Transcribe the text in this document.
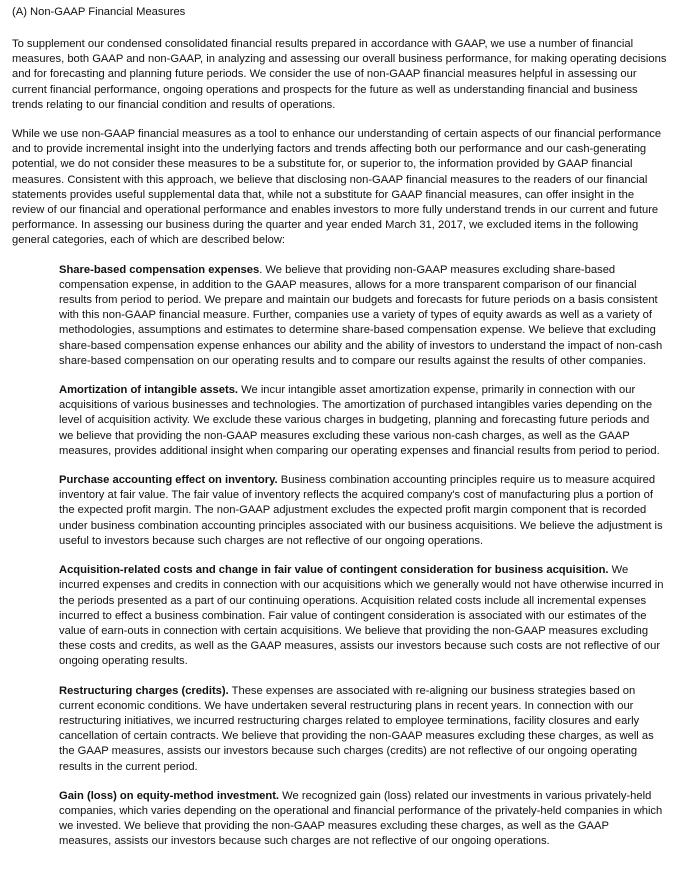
(A) Non-GAAP Financial Measures

To supplement our condensed consolidated financial results prepared in accordance with GAAP, we use a number of financial measures, both GAAP and non-GAAP, in analyzing and assessing our overall business performance, for making operating decisions and for forecasting and planning future periods. We consider the use of non-GAAP financial measures helpful in assessing our current financial performance, ongoing operations and prospects for the future as well as understanding financial and business trends relating to our financial condition and results of operations.

While we use non-GAAP financial measures as a tool to enhance our understanding of certain aspects of our financial performance and to provide incremental insight into the underlying factors and trends affecting both our performance and our cash-generating potential, we do not consider these measures to be a substitute for, or superior to, the information provided by GAAP financial measures. Consistent with this approach, we believe that disclosing non-GAAP financial measures to the readers of our financial statements provides useful supplemental data that, while not a substitute for GAAP financial measures, can offer insight in the review of our financial and operational performance and enables investors to more fully understand trends in our current and future performance. In assessing our business during the quarter and year ended March 31, 2017, we excluded items in the following general categories, each of which are described below:

Share-based compensation expenses. We believe that providing non-GAAP measures excluding share-based compensation expense, in addition to the GAAP measures, allows for a more transparent comparison of our financial results from period to period. We prepare and maintain our budgets and forecasts for future periods on a basis consistent with this non-GAAP financial measure. Further, companies use a variety of types of equity awards as well as a variety of methodologies, assumptions and estimates to determine share-based compensation expense. We believe that excluding share-based compensation expense enhances our ability and the ability of investors to understand the impact of non-cash share-based compensation on our operating results and to compare our results against the results of other companies.

Amortization of intangible assets. We incur intangible asset amortization expense, primarily in connection with our acquisitions of various businesses and technologies. The amortization of purchased intangibles varies depending on the level of acquisition activity. We exclude these various charges in budgeting, planning and forecasting future periods and we believe that providing the non-GAAP measures excluding these various non-cash charges, as well as the GAAP measures, provides additional insight when comparing our operating expenses and financial results from period to period.

Purchase accounting effect on inventory. Business combination accounting principles require us to measure acquired inventory at fair value. The fair value of inventory reflects the acquired company's cost of manufacturing plus a portion of the expected profit margin. The non-GAAP adjustment excludes the expected profit margin component that is recorded under business combination accounting principles associated with our business acquisitions. We believe the adjustment is useful to investors because such charges are not reflective of our ongoing operations.

Acquisition-related costs and change in fair value of contingent consideration for business acquisition. We incurred expenses and credits in connection with our acquisitions which we generally would not have otherwise incurred in the periods presented as a part of our continuing operations. Acquisition related costs include all incremental expenses incurred to effect a business combination. Fair value of contingent consideration is associated with our estimates of the value of earn-outs in connection with certain acquisitions. We believe that providing the non-GAAP measures excluding these costs and credits, as well as the GAAP measures, assists our investors because such costs are not reflective of our ongoing operating results.

Restructuring charges (credits). These expenses are associated with re-aligning our business strategies based on current economic conditions. We have undertaken several restructuring plans in recent years. In connection with our restructuring initiatives, we incurred restructuring charges related to employee terminations, facility closures and early cancellation of certain contracts. We believe that providing the non-GAAP measures excluding these charges, as well as the GAAP measures, assists our investors because such charges (credits) are not reflective of our ongoing operating results in the current period.

Gain (loss) on equity-method investment. We recognized gain (loss) related our investments in various privately-held companies, which varies depending on the operational and financial performance of the privately-held companies in which we invested. We believe that providing the non-GAAP measures excluding these charges, as well as the GAAP measures, assists our investors because such charges are not reflective of our ongoing operations.
